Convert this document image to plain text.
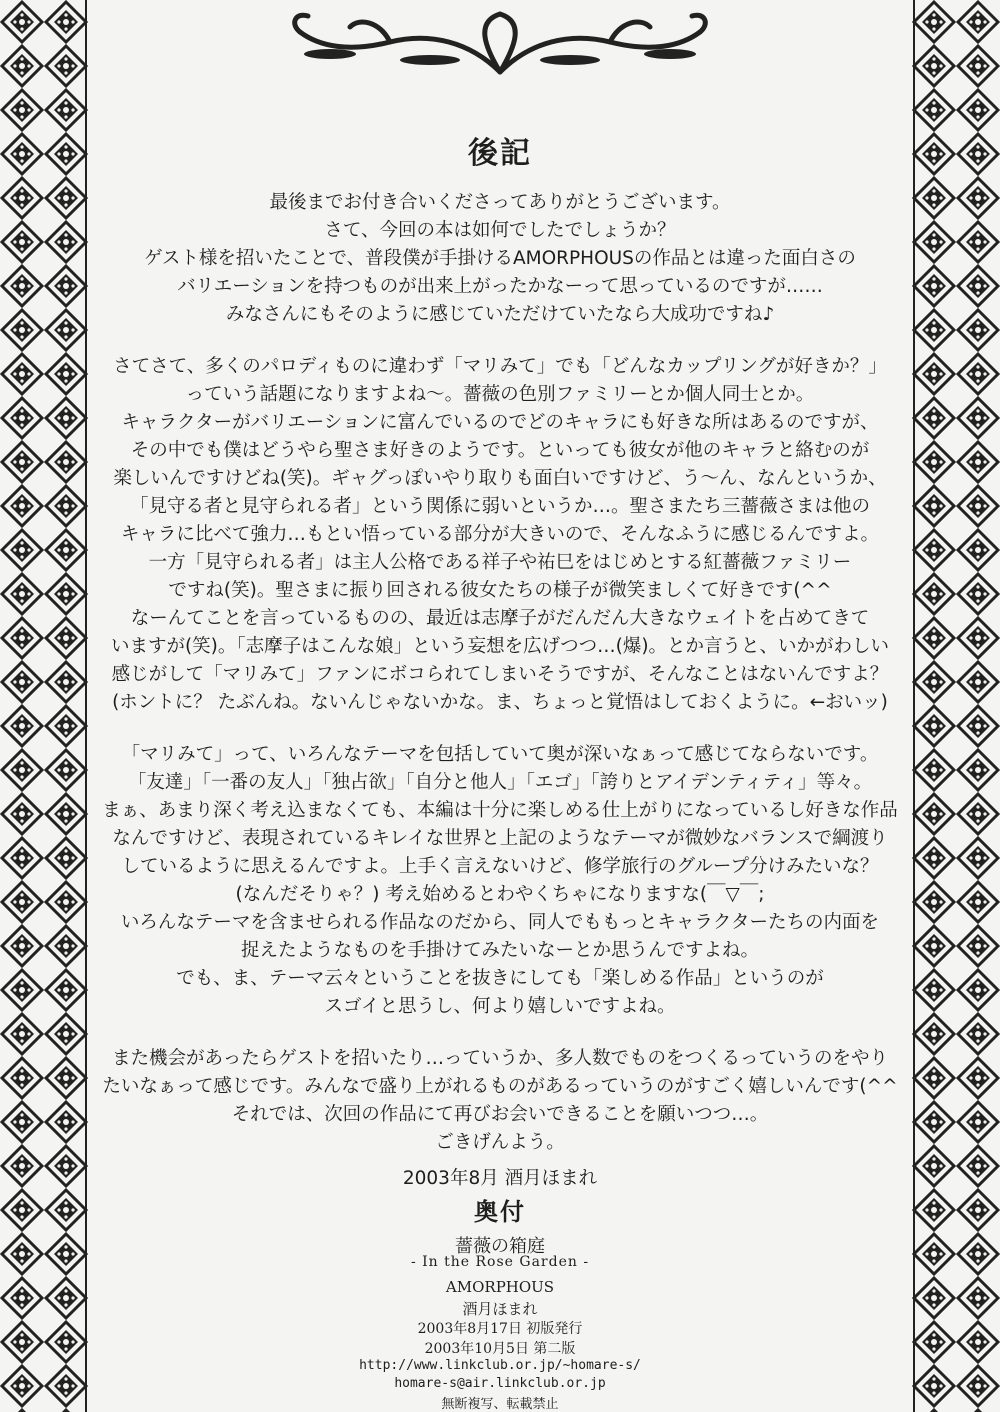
後記
最後までお付き合いくださってありがとうございます。
さて、今回の本は如何でしたでしょうか？
ゲスト様を招いたことで、普段僕が手掛けるAMORPHOUSの作品とは違った面白さの
バリエーションを持つものが出来上がったかなーって思っているのですが……
みなさんにもそのように感じていただけていたなら大成功ですね♪
さてさて、多くのパロディものに違わず「マリみて」でも「どんなカップリングが好きか？」
っていう話題になりますよね～。薔薇の色別ファミリーとか個人同士とか。
キャラクターがバリエーションに富んでいるのでどのキャラにも好きな所はあるのですが、
その中でも僕はどうやら聖さま好きのようです。といっても彼女が他のキャラと絡むのが
楽しいんですけどね(笑)。ギャグっぽいやり取りも面白いですけど、う～ん、なんというか、
「見守る者と見守られる者」という関係に弱いというか…。聖さまたち三薔薇さまは他の
キャラに比べて強力…もとい悟っている部分が大きいので、そんなふうに感じるんですよ。
一方「見守られる者」は主人公格である祥子や祐巳をはじめとする紅薔薇ファミリー
ですね(笑)。聖さまに振り回される彼女たちの様子が微笑ましくて好きです(^^
なーんてことを言っているものの、最近は志摩子がだんだん大きなウェイトを占めてきて
いますが(笑)。「志摩子はこんな娘」という妄想を広げつつ…(爆)。とか言うと、いかがわしい
感じがして「マリみて」ファンにボコられてしまいそうですが、そんなことはないんですよ？
(ホントに？ たぶんね。ないんじゃないかな。ま、ちょっと覚悟はしておくように。←おいッ)
「マリみて」って、いろんなテーマを包括していて奥が深いなぁって感じてならないです。
「友達」「一番の友人」「独占欲」「自分と他人」「エゴ」「誇りとアイデンティティ」等々。
まぁ、あまり深く考え込まなくても、本編は十分に楽しめる仕上がりになっているし好きな作品
なんですけど、表現されているキレイな世界と上記のようなテーマが微妙なバランスで綱渡り
しているように思えるんですよ。上手く言えないけど、修学旅行のグループ分けみたいな？
(なんだそりゃ？) 考え始めるとわやくちゃになりますな(￣▽￣;
いろんなテーマを含ませられる作品なのだから、同人でももっとキャラクターたちの内面を
捉えたようなものを手掛けてみたいなーとか思うんですよね。
でも、ま、テーマ云々ということを抜きにしても「楽しめる作品」というのが
スゴイと思うし、何より嬉しいですよね。
また機会があったらゲストを招いたり…っていうか、多人数でものをつくるっていうのをやり
たいなぁって感じです。みんなで盛り上がれるものがあるっていうのがすごく嬉しいんです(^^
それでは、次回の作品にて再びお会いできることを願いつつ…。
ごきげんよう。
2003年8月 酒月ほまれ
奥付
薔薇の箱庭
- In the Rose Garden -
AMORPHOUS
酒月ほまれ
2003年8月17日 初版発行
2003年10月5日 第二版
http://www.linkclub.or.jp/~homare-s/
homare-s@air.linkclub.or.jp
無断複写、転載禁止
